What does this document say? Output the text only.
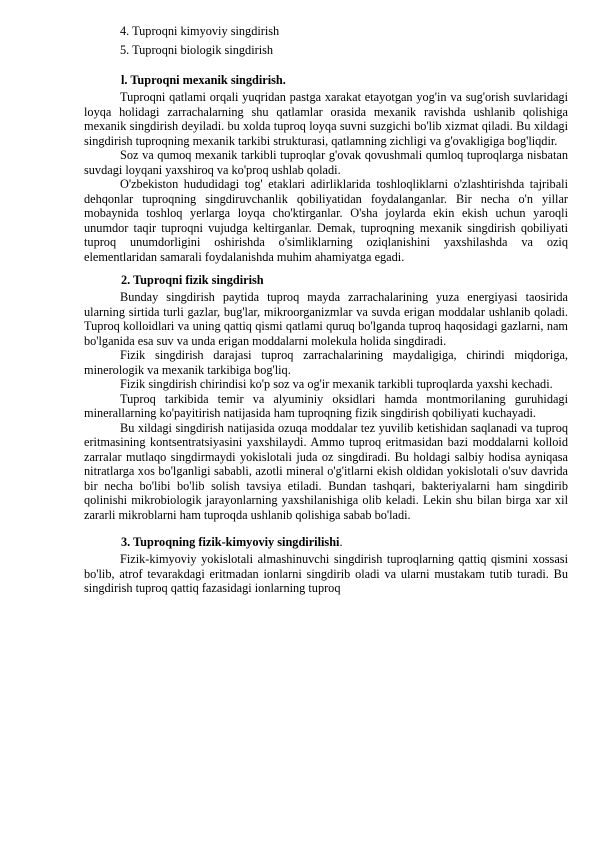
4. Tuproqni kimyoviy singdirish
5. Tuproqni biologik singdirish
l. Tuproqni mexanik singdirish.

Tuproqni qatlami orqali yuqridan pastga xarakat etayotgan yog'in va sug'orish suvlaridagi loyqa holidagi zarrachalarning shu qatlamlar orasida mexanik ravishda ushlanib qolishiga mexanik singdirish deyiladi. bu xolda tuproq loyqa suvni suzgichi bo'lib xizmat qiladi. Bu xildagi singdirish tuproqning mexanik tarkibi strukturasi, qatlamning zichligi va g'ovakligiga bog'liqdir.

Soz va qumoq mexanik tarkibli tuproqlar g'ovak qovushmali qumloq tuproqlarga nisbatan suvdagi loyqani yaxshiroq va ko'proq ushlab qoladi.

O'zbekiston hududidagi tog' etaklari adirliklarida toshloqliklarni o'zlashtirishda tajribali dehqonlar tuproqning singdiruvchanlik qobiliyatidan foydalanganlar. Bir necha o'n yillar mobaynida toshloq yerlarga loyqa cho'ktirganlar. O'sha joylarda ekin ekish uchun yaroqli unumdor taqir tuproqni vujudga keltirganlar. Demak, tuproqning mexanik singdirish qobiliyati tuproq unumdorligini oshirishda o'simliklarning oziqlanishini yaxshilashda va oziq elementlaridan samarali foydalanishda muhim ahamiyatga egadi.

2. Tuproqni fizik singdirish

Bunday singdirish paytida tuproq mayda zarrachalarining yuza energiyasi taosirida ularning sirtida turli gazlar, bug'lar, mikroorganizmlar va suvda erigan moddalar ushlanib qoladi. Tuproq kolloidlari va uning qattiq qismi qatlami quruq bo'lganda tuproq haqosidagi gazlarni, nam bo'lganida esa suv va unda erigan moddalarni molekula holida singdiradi.

Fizik singdirish darajasi tuproq zarrachalarining maydaligiga, chirindi miqdoriga, minerologik va mexanik tarkibiga bog'liq.

Fizik singdirish chirindisi ko'p soz va og'ir mexanik tarkibli tuproqlarda yaxshi kechadi.

Tuproq tarkibida temir va alyuminiy oksidlari hamda montmorilaning guruhidagi minerallarning ko'payitirish natijasida ham tuproqning fizik singdirish qobiliyati kuchayadi.

Bu xildagi singdirish natijasida ozuqa moddalar tez yuvilib ketishidan saqlanadi va tuproq eritmasining kontsentratsiyasini yaxshilaydi. Ammo tuproq eritmasidan bazi moddalarni kolloid zarralar mutlaqo singdirmaydi yokislotali juda oz singdiradi. Bu holdagi salbiy hodisa ayniqasa nitratlarga xos bo'lganligi sababli, azotli mineral o'g'itlarni ekish oldidan yokislotali o'suv davrida bir necha bo'libi bo'lib solish tavsiya etiladi. Bundan tashqari, bakteriyalarni ham singdirib qolinishi mikrobiologik jarayonlarning yaxshilanishiga olib keladi. Lekin shu bilan birga xar xil zararli mikroblarni ham tuproqda ushlanib qolishiga sabab bo'ladi.

3. Tuproqning fizik-kimyoviy singdirilishi.

Fizik-kimyoviy yokislotali almashinuvchi singdirish tuproqlarning qattiq qismini xossasi bo'lib, atrof tevarakdagi eritmadan ionlarni singdirib oladi va ularni mustakam tutib turadi. Bu singdirish tuproq qattiq fazasidagi ionlarning tuproq
